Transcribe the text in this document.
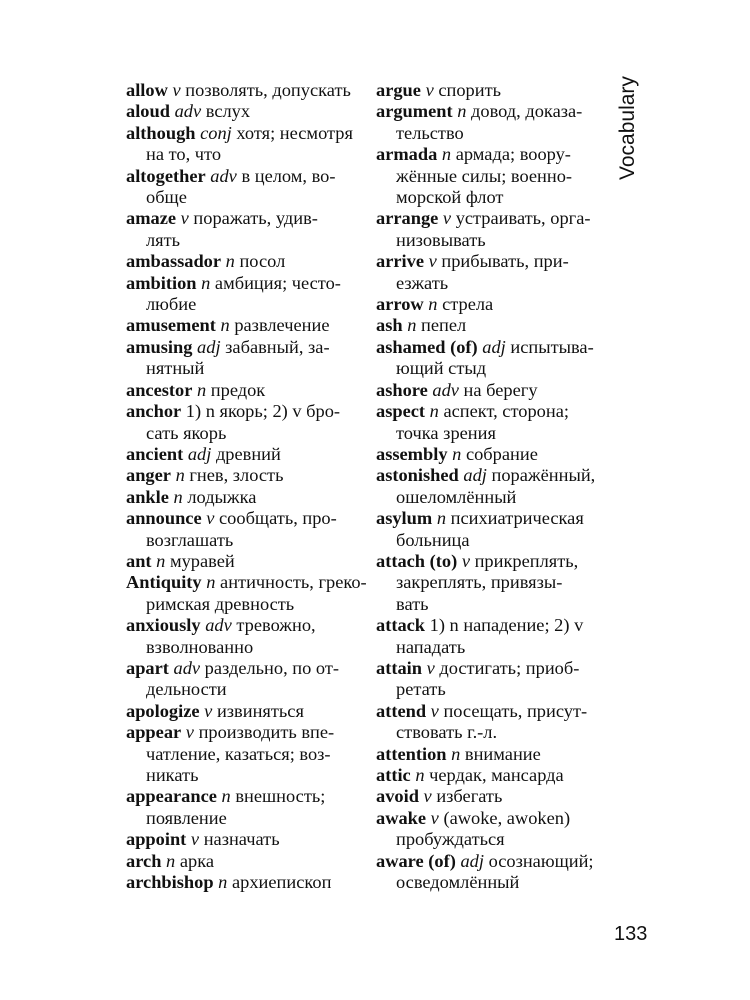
Vocabulary
allow v позволять, допускать
aloud adv вслух
although conj хотя; несмотря
на то, что
altogether adv в целом, во-
обще
amaze v поражать, удив-
лять
ambassador n посол
ambition n амбиция; често-
любие
amusement n развлечение
amusing adj забавный, за-
нятный
ancestor n предок
anchor 1) n якорь; 2) v бро-
сать якорь
ancient adj древний
anger n гнев, злость
ankle n лодыжка
announce v сообщать, про-
возглашать
ant n муравей
Antiquity n античность, греко-
римская древность
anxiously adv тревожно,
взволнованно
apart adv раздельно, по от-
дельности
apologize v извиняться
appear v производить впе-
чатление, казаться; воз-
никать
appearance n внешность;
появление
appoint v назначать
arch n арка
archbishop n архиепископ
argue v спорить
argument n довод, доказа-
тельство
armada n армада; воору-
жённые силы; военно-
морской флот
arrange v устраивать, орга-
низовывать
arrive v прибывать, при-
езжать
arrow n стрела
ash n пепел
ashamed (of) adj испытыва-
ющий стыд
ashore adv на берегу
aspect n аспект, сторона;
точка зрения
assembly n собрание
astonished adj поражённый,
ошеломлённый
asylum n психиатрическая
больница
attach (to) v прикреплять,
закреплять, привязы-
вать
attack 1) n нападение; 2) v
нападать
attain v достигать; приоб-
ретать
attend v посещать, присут-
ствовать г.-л.
attention n внимание
attic n чердак, мансарда
avoid v избегать
awake v (awoke, awoken)
пробуждаться
aware (of) adj осознающий;
осведомлённый
133
